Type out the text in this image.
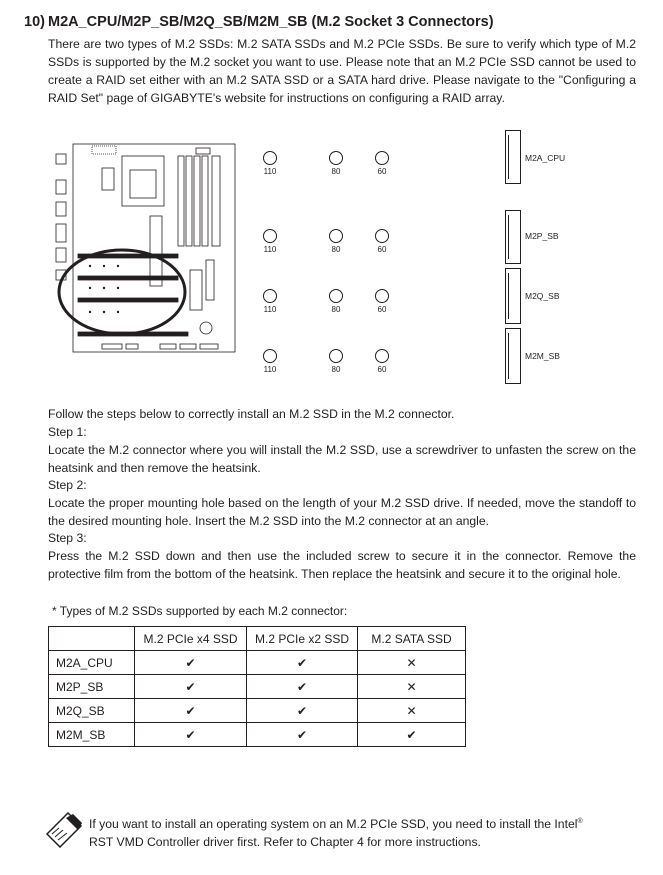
10) M2A_CPU/M2P_SB/M2Q_SB/M2M_SB (M.2 Socket 3 Connectors)
There are two types of M.2 SSDs: M.2 SATA SSDs and M.2 PCIe SSDs. Be sure to verify which type of M.2 SSDs is supported by the M.2 socket you want to use. Please note that an M.2 PCIe SSD cannot be used to create a RAID set either with an M.2 SATA SSD or a SATA hard drive. Please navigate to the "Configuring a RAID Set" page of GIGABYTE's website for instructions on configuring a RAID array.
110	80	60
110	80	60
110	80	60
110	80	60
M2A_CPU
M2P_SB
M2Q_SB
M2M_SB
Follow the steps below to correctly install an M.2 SSD in the M.2 connector.
Step 1:
Locate the M.2 connector where you will install the M.2 SSD, use a screwdriver to unfasten the screw on the heatsink and then remove the heatsink.
Step 2:
Locate the proper mounting hole based on the length of your M.2 SSD drive. If needed, move the standoff to the desired mounting hole. Insert the M.2 SSD into the M.2 connector at an angle.
Step 3:
Press the M.2 SSD down and then use the included screw to secure it in the connector. Remove the protective film from the bottom of the heatsink. Then replace the heatsink and secure it to the original hole.
* Types of M.2 SSDs supported by each M.2 connector:
	M.2 PCIe x4 SSD	M.2 PCIe x2 SSD	M.2 SATA SSD
M2A_CPU	✔	✔	✕
M2P_SB	✔	✔	✕
M2Q_SB	✔	✔	✕
M2M_SB	✔	✔	✔
If you want to install an operating system on an M.2 PCIe SSD, you need to install the Intel® RST VMD Controller driver first. Refer to Chapter 4 for more instructions.
